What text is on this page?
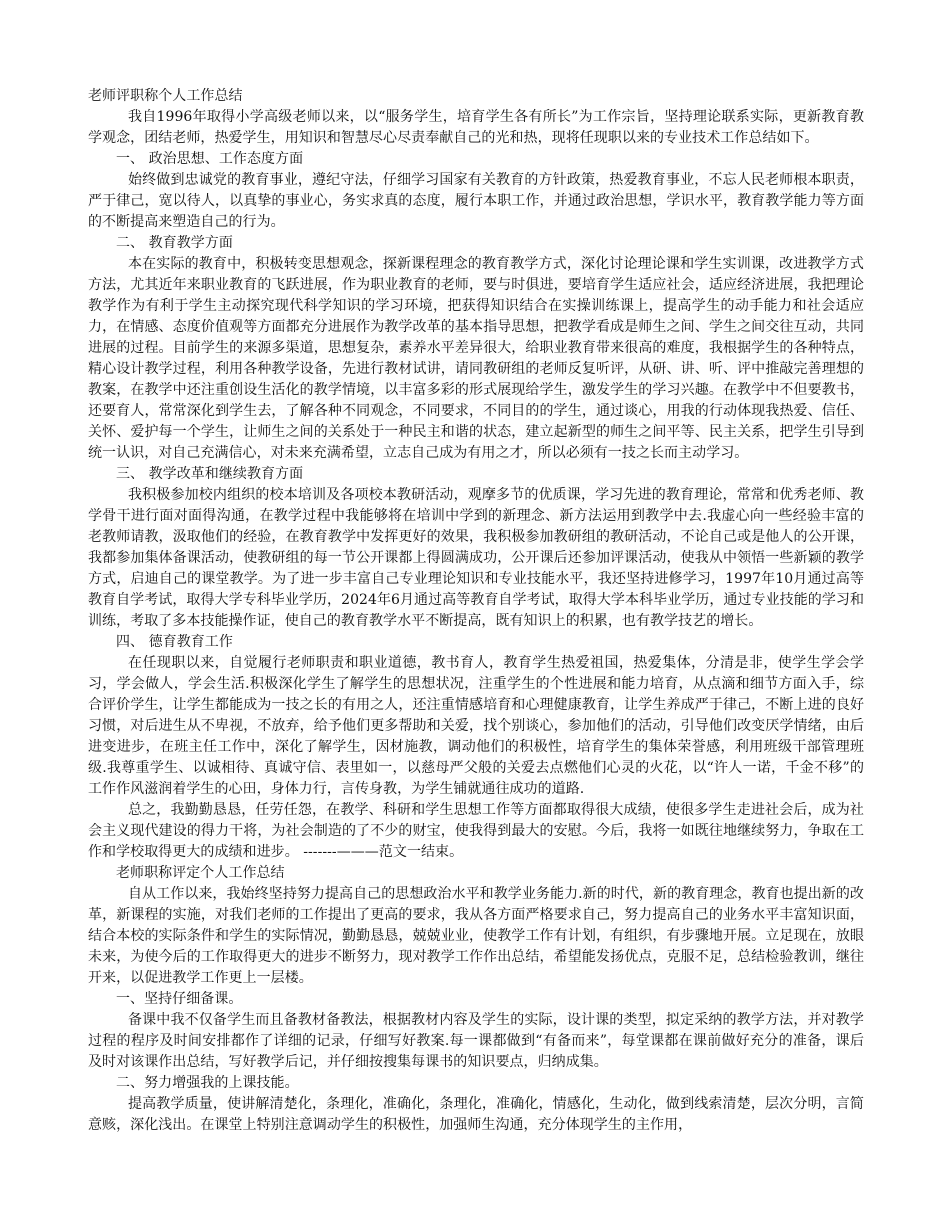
老师评职称个人工作总结

我自1996年取得小学高级老师以来，以“服务学生，培育学生各有所长”为工作宗旨，坚持理论联系实际，更新教育教学观念，团结老师，热爱学生，用知识和智慧尽心尽责奉献自己的光和热，现将任现职以来的专业技术工作总结如下。

一、 政治思想、工作态度方面

始终做到忠诚党的教育事业，遵纪守法，仔细学习国家有关教育的方针政策，热爱教育事业，不忘人民老师根本职责，严于律己，宽以待人，以真挚的事业心，务实求真的态度，履行本职工作，并通过政治思想，学识水平，教育教学能力等方面的不断提高来塑造自己的行为。

二、 教育教学方面

本在实际的教育中，积极转变思想观念，探新课程理念的教育教学方式，深化讨论理论课和学生实训课，改进教学方式方法，尤其近年来职业教育的飞跃进展，作为职业教育的老师，要与时俱进，要培育学生适应社会，适应经济进展，我把理论教学作为有利于学生主动探究现代科学知识的学习环境，把获得知识结合在实操训练课上，提高学生的动手能力和社会适应力，在情感、态度价值观等方面都充分进展作为教学改革的基本指导思想，把教学看成是师生之间、学生之间交往互动，共同进展的过程。目前学生的来源多渠道，思想复杂，素养水平差异很大，给职业教育带来很高的难度，我根据学生的各种特点，精心设计教学过程，利用各种教学设备，先进行教材试讲，请同教研组的老师反复听评，从研、讲、听、评中推敲完善理想的教案，在教学中还注重创设生活化的教学情境，以丰富多彩的形式展现给学生，激发学生的学习兴趣。在教学中不但要教书，还要育人，常常深化到学生去，了解各种不同观念，不同要求，不同目的的学生，通过谈心，用我的行动体现我热爱、信任、关怀、爱护每一个学生，让师生之间的关系处于一种民主和谐的状态，建立起新型的师生之间平等、民主关系，把学生引导到统一认识，对自己充满信心，对未来充满希望，立志自己成为有用之才，所以必须有一技之长而主动学习。

三、 教学改革和继续教育方面

我积极参加校内组织的校本培训及各项校本教研活动，观摩多节的优质课，学习先进的教育理论，常常和优秀老师、教学骨干进行面对面得沟通，在教学过程中我能够将在培训中学到的新理念、新方法运用到教学中去.我虚心向一些经验丰富的老教师请教，汲取他们的经验，在教育教学中发挥更好的效果，我积极参加教研组的教研活动，不论自己或是他人的公开课，我都参加集体备课活动，使教研组的每一节公开课都上得圆满成功，公开课后还参加评课活动，使我从中领悟一些新颖的教学方式，启迪自己的课堂教学。为了进一步丰富自己专业理论知识和专业技能水平，我还坚持进修学习，1997年10月通过高等教育自学考试，取得大学专科毕业学历，2024年6月通过高等教育自学考试，取得大学本科毕业学历，通过专业技能的学习和训练，考取了多本技能操作证，使自己的教育教学水平不断提高，既有知识上的积累，也有教学技艺的增长。

四、 德育教育工作

在任现职以来，自觉履行老师职责和职业道德，教书育人，教育学生热爱祖国，热爱集体，分清是非，使学生学会学习，学会做人，学会生活.积极深化学生了解学生的思想状况，注重学生的个性进展和能力培育，从点滴和细节方面入手，综合评价学生，让学生都能成为一技之长的有用之人，还注重情感培育和心理健康教育，让学生养成严于律己，不断上进的良好习惯，对后进生从不卑视，不放弃，给予他们更多帮助和关爱，找个别谈心，参加他们的活动，引导他们改变厌学情绪，由后进变进步，在班主任工作中，深化了解学生，因材施教，调动他们的积极性，培育学生的集体荣誉感，利用班级干部管理班级.我尊重学生、以诚相待、真诚守信、表里如一，以慈母严父般的关爱去点燃他们心灵的火花，以“许人一诺，千金不移”的工作作风滋润着学生的心田，身体力行，言传身教，为学生铺就通往成功的道路.

总之，我勤勤恳恳，任劳任怨，在教学、科研和学生思想工作等方面都取得很大成绩，使很多学生走进社会后，成为社会主义现代建设的得力干将，为社会制造的了不少的财宝，使我得到最大的安慰。今后，我将一如既往地继续努力，争取在工作和学校取得更大的成绩和进步。 -------———范文一结束。

老师职称评定个人工作总结

自从工作以来，我始终坚持努力提高自己的思想政治水平和教学业务能力.新的时代，新的教育理念，教育也提出新的改革，新课程的实施，对我们老师的工作提出了更高的要求，我从各方面严格要求自己，努力提高自己的业务水平丰富知识面，结合本校的实际条件和学生的实际情况，勤勤恳恳，兢兢业业，使教学工作有计划，有组织，有步骤地开展。立足现在，放眼未来，为使今后的工作取得更大的进步不断努力，现对教学工作作出总结，希望能发扬优点，克服不足，总结检验教训，继往开来，以促进教学工作更上一层楼。

一、坚持仔细备课。

备课中我不仅备学生而且备教材备教法，根据教材内容及学生的实际，设计课的类型，拟定采纳的教学方法，并对教学过程的程序及时间安排都作了详细的记录，仔细写好教案.每一课都做到“有备而来”，每堂课都在课前做好充分的准备，课后及时对该课作出总结，写好教学后记，并仔细按搜集每课书的知识要点，归纳成集。

二、努力增强我的上课技能。

提高教学质量，使讲解清楚化，条理化，准确化，条理化，准确化，情感化，生动化，做到线索清楚，层次分明，言简意赅，深化浅出。在课堂上特别注意调动学生的积极性，加强师生沟通，充分体现学生的主作用，
